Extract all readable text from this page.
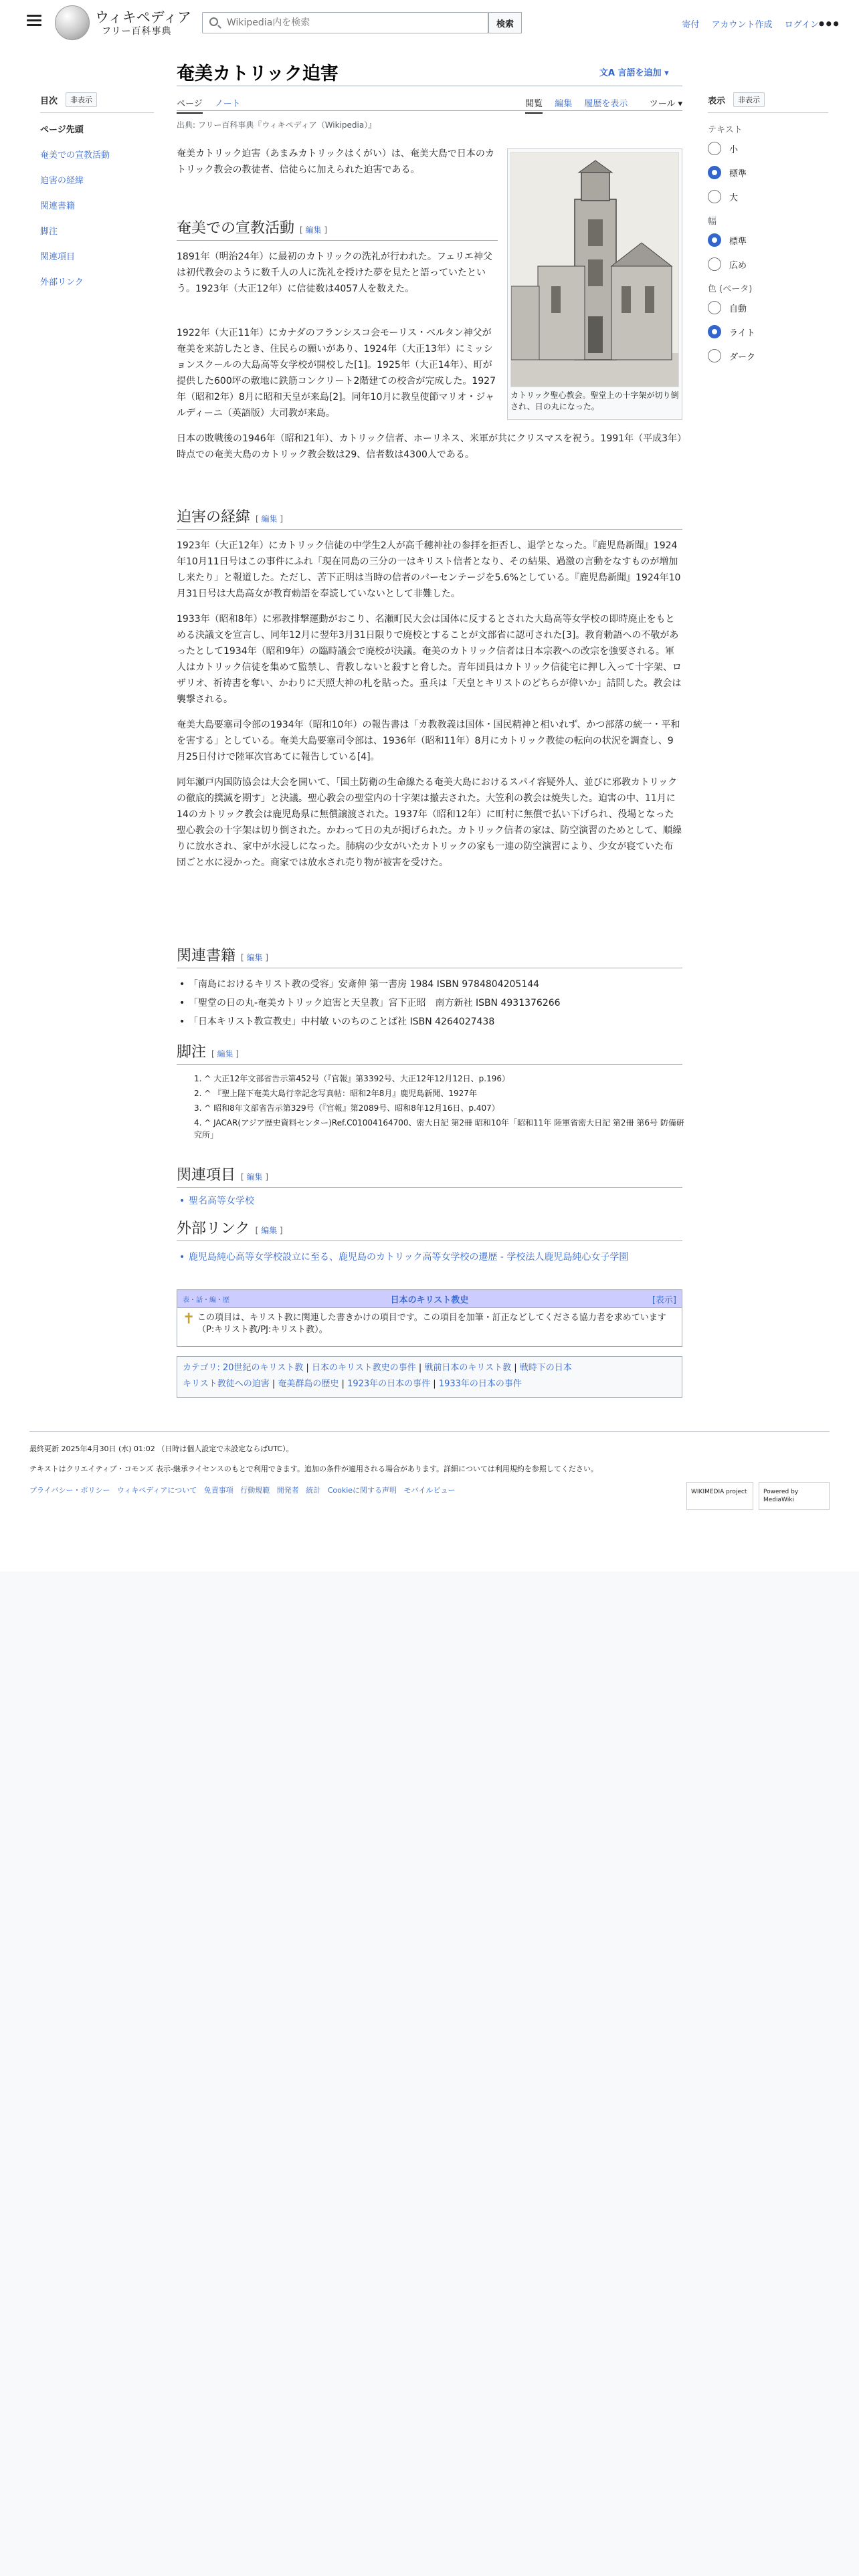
ウィキペディア
フリー百科事典
Wikipedia内を検索
検索	寄付 アカウント作成 ログイン
•••
目次	非表示
ページ先頭
奄美での宣教活動
迫害の経緯
関連書籍
脚注
関連項目
外部リンク
奄美カトリック迫害	文A 言語を追加 ▾
ページ ノート	閲覧 編集 履歴を表示 ツール ▾
出典: フリー百科事典『ウィキペディア（Wikipedia）』
表示	非表示
テキスト
小
標準
大
幅
標準
広め
色 (ベータ)
自動
ライト
ダーク
カトリック聖心教会。聖堂上の十字架が切り倒され、日の丸になった。

奄美カトリック迫害（あまみカトリックはくがい）は、奄美大島で日本のカトリック教会の教徒者、信徒らに加えられた迫害である。

奄美での宣教活動 [ 編集 ]

1891年（明治24年）に最初のカトリックの洗礼が行われた。フェリエ神父は初代教会のように数千人の人に洗礼を授けた夢を見たと語っていたという。1923年（大正12年）に信徒数は4057人を数えた。

1922年（大正11年）にカナダのフランシスコ会モーリス・ベルタン神父が奄美を来訪したとき、住民らの願いがあり、1924年（大正13年）にミッションスクールの大島高等女学校が開校した[1]。1925年（大正14年）、町が提供した600坪の敷地に鉄筋コンクリート2階建ての校舎が完成した。1927年（昭和2年）8月に昭和天皇が来島[2]。同年10月に教皇使節マリオ・ジャルディーニ（英語版）大司教が来島。

日本の敗戦後の1946年（昭和21年）、カトリック信者、ホーリネス、米軍が共にクリスマスを祝う。1991年（平成3年）時点での奄美大島のカトリック教会数は29、信者数は4300人である。

迫害の経緯 [ 編集 ]

1923年（大正12年）にカトリック信徒の中学生2人が高千穂神社の参拝を拒否し、退学となった。『鹿児島新聞』1924年10月11日号はこの事件にふれ「現在同島の三分の一はキリスト信者となり、その結果、過激の言動をなすものが増加し来たり」と報道した。ただし、苦下正明は当時の信者のパーセンテージを5.6%としている。『鹿児島新聞』1924年10月31日号は大島高女が教育勅語を奉読していないとして非難した。

1933年（昭和8年）に邪教排撃運動がおこり、名瀬町民大会は国体に反するとされた大島高等女学校の即時廃止をもとめる決議文を宣言し、同年12月に翌年3月31日限りで廃校とすることが文部省に認可された[3]。教育勅語への不敬があったとして1934年（昭和9年）の臨時議会で廃校が決議。奄美のカトリック信者は日本宗教への改宗を強要される。軍人はカトリック信徒を集めて監禁し、背教しないと殺すと脅した。青年団員はカトリック信徒宅に押し入って十字架、ロザリオ、祈祷書を奪い、かわりに天照大神の札を貼った。重兵は「天皇とキリストのどちらが偉いか」詰問した。教会は襲撃される。

奄美大島要塞司令部の1934年（昭和10年）の報告書は「カ教教義は国体・国民精神と相いれず、かつ部落の統一・平和を害する」としている。奄美大島要塞司令部は、1936年（昭和11年）8月にカトリック教徒の転向の状況を調査し、9月25日付けで陸軍次官あてに報告している[4]。

同年瀬戸内国防協会は大会を開いて、「国土防衛の生命線たる奄美大島におけるスパイ容疑外人、並びに邪教カトリックの徹底的撲滅を期す」と決議。聖心教会の聖堂内の十字架は撤去された。大笠利の教会は焼失した。迫害の中、11月に14のカトリック教会は鹿児島県に無償譲渡された。1937年（昭和12年）に町村に無償で払い下げられ、役場となった聖心教会の十字架は切り倒された。かわって日の丸が掲げられた。カトリック信者の家は、防空演習のためとして、順繰りに放水され、家中が水浸しになった。肺病の少女がいたカトリックの家も一連の防空演習により、少女が寝ていた布団ごと水に浸かった。商家では放水され売り物が被害を受けた。

関連書籍 [ 編集 ]
• 「南島におけるキリスト教の受容」安斎伸 第一書房 1984 ISBN 9784804205144
• 「聖堂の日の丸-奄美カトリック迫害と天皇教」宮下正昭　南方新社 ISBN 4931376266
• 「日本キリスト教宣教史」中村敏 いのちのことば社 ISBN 4264027438
脚注 [ 編集 ]
1. ^ 大正12年文部省告示第452号（『官報』第3392号、大正12年12月12日、p.196）
2. ^ 『聖上陛下奄美大島行幸記念写真帖：昭和2年8月』鹿児島新聞、1927年
3. ^ 昭和8年文部省告示第329号（『官報』第2089号、昭和8年12月16日、p.407）
4. ^ JACAR(アジア歴史資料センター)Ref.C01004164700、密大日記 第2冊 昭和10年「昭和11年 陸軍省密大日記 第2冊 第6号 防備研究所」
関連項目 [ 編集 ]
• 聖名高等女学校
外部リンク [ 編集 ]
• 鹿児島純心高等女学校設立に至る、鹿児島のカトリック高等女学校の遷歴 - 学校法人鹿児島純心女子学園
表・話・編・歴	日本のキリスト教史	[表示]
✝ この項目は、キリスト教に関連した書きかけの項目です。この項目を加筆・訂正などしてくださる協力者を求めています（P:キリスト教/PJ:キリスト教）。
カテゴリ: 20世紀のキリスト教 | 日本のキリスト教史の事件 | 戦前日本のキリスト教 | 戦時下の日本
キリスト教徒への迫害 | 奄美群島の歴史 | 1923年の日本の事件 | 1933年の日本の事件
最終更新 2025年4月30日 (水) 01:02 （日時は個人設定で未設定ならばUTC）。
テキストはクリエイティブ・コモンズ 表示-継承ライセンスのもとで利用できます。追加の条件が適用される場合があります。詳細については利用規約を参照してください。
プライバシー・ポリシー ウィキペディアについて 免責事項 行動規範 開発者 統計 Cookieに関する声明 モバイルビュー	WIKIMEDIA project	Powered by MediaWiki
